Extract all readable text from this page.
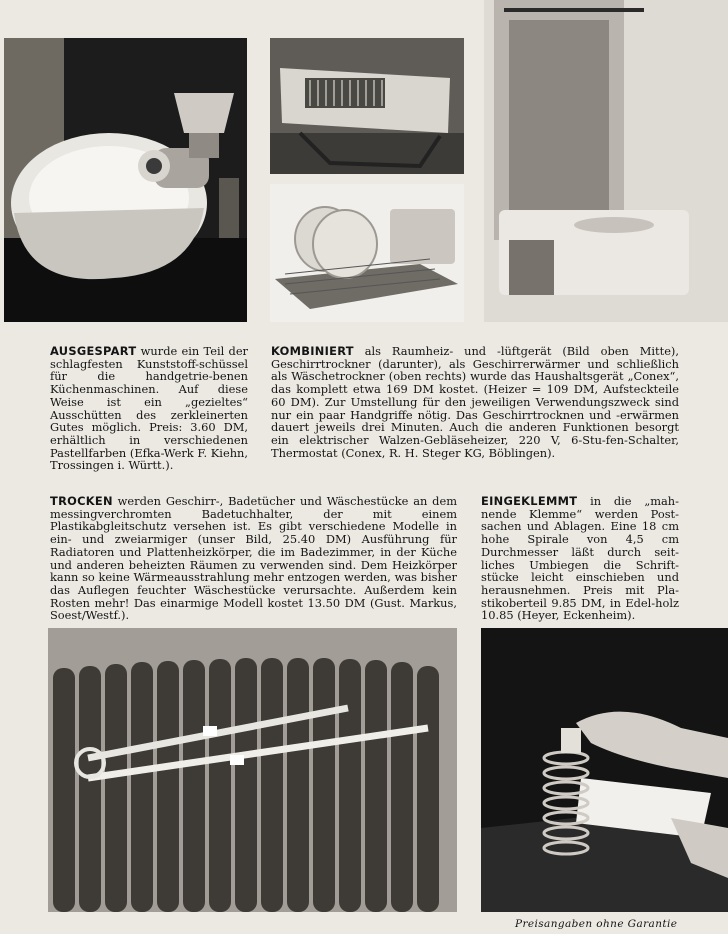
AUSGESPART wurde ein Teil der schlagfesten Kunststoff-schüssel für die handgetrie-benen Küchenmaschinen. Auf diese Weise ist ein „gezieltes“ Ausschütten des zerkleinerten Gutes möglich. Preis: 3.60 DM, erhältlich in verschiedenen Pastellfarben (Efka-Werk F. Kiehn, Trossingen i. Württ.).

KOMBINIERT als Raumheiz- und -lüftgerät (Bild oben Mitte), Geschirrtrockner (darunter), als Geschirrerwärmer und schließlich als Wäschetrockner (oben rechts) wurde das Haushaltsgerät „Conex“, das komplett etwa 169 DM kostet. (Heizer = 109 DM, Aufsteckteile 60 DM). Zur Umstellung für den jeweiligen Verwendungszweck sind nur ein paar Handgriffe nötig. Das Geschirrtrocknen und -erwärmen dauert jeweils drei Minuten. Auch die anderen Funktionen besorgt ein elektrischer Walzen-Gebläseheizer, 220 V, 6-Stu-fen-Schalter, Thermostat (Conex, R. H. Steger KG, Böblingen).

TROCKEN werden Geschirr-, Badetücher und Wäschestücke an dem messingverchromten Badetuchhalter, der mit einem Plastikabgleitschutz versehen ist. Es gibt verschiedene Modelle in ein- und zweiarmiger (unser Bild, 25.40 DM) Ausführung für Radiatoren und Plattenheizkörper, die im Badezimmer, in der Küche und anderen beheizten Räumen zu verwenden sind. Dem Heizkörper kann so keine Wärmeausstrahlung mehr entzogen werden, was bisher das Auflegen feuchter Wäschestücke verursachte. Außerdem kein Rosten mehr! Das einarmige Modell kostet 13.50 DM (Gust. Markus, Soest/Westf.).

EINGEKLEMMT in die „mah-nende Klemme“ werden Post-sachen und Ablagen. Eine 18 cm hohe Spirale von 4,5 cm Durchmesser läßt durch seit-liches Umbiegen die Schrift-stücke leicht einschieben und herausnehmen. Preis mit Pla-stikoberteil 9.85 DM, in Edel-holz 10.85 (Heyer, Eckenheim).

Preisangaben ohne Garantie
